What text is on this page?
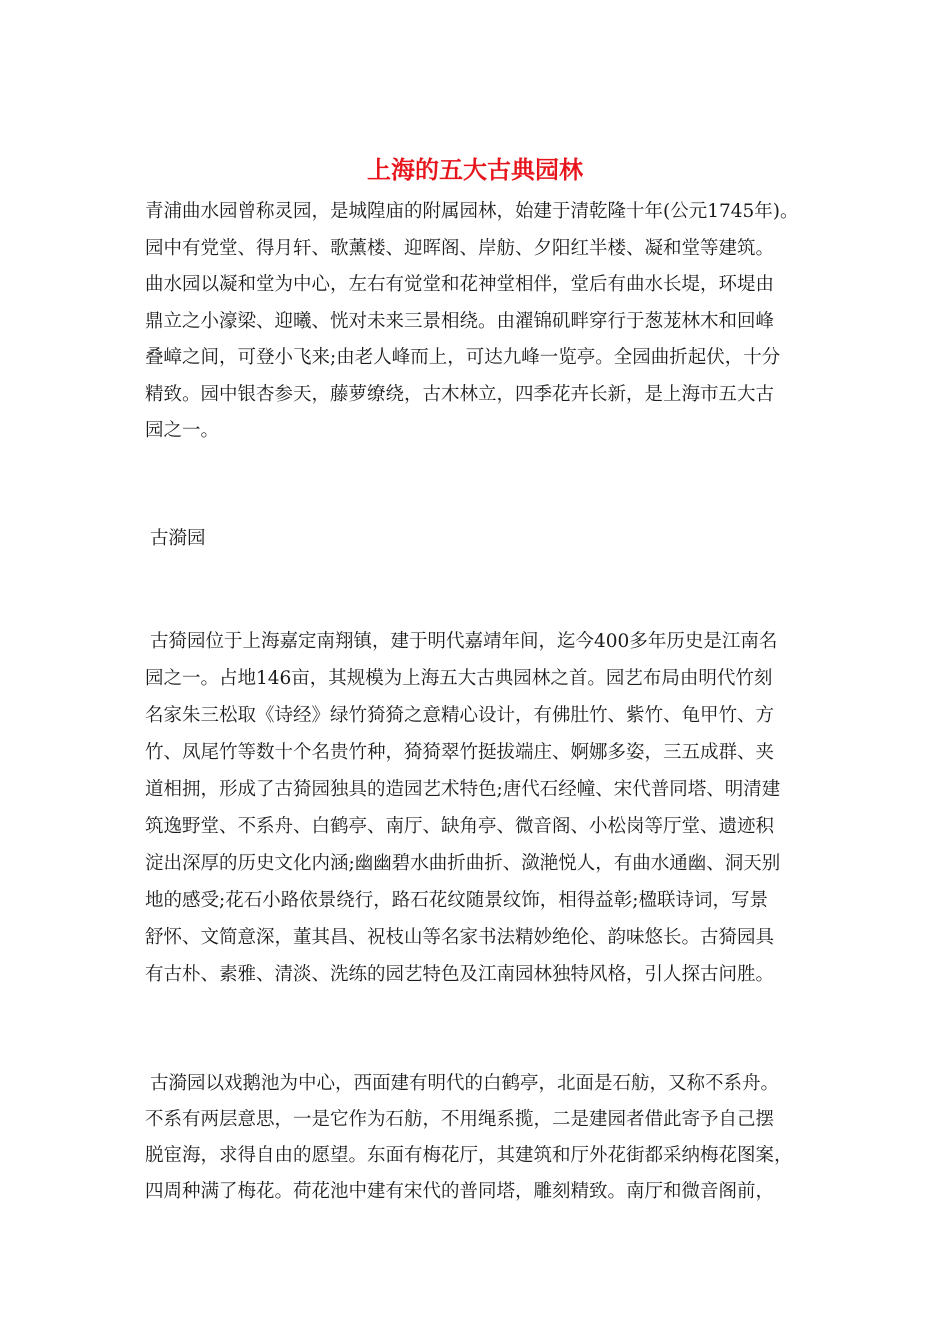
上海的五大古典园林

青浦曲水园曾称灵园，是城隍庙的附属园林，始建于清乾隆十年(公元1745年)。

园中有党堂、得月轩、歌薰楼、迎晖阁、岸舫、夕阳红半楼、凝和堂等建筑。

曲水园以凝和堂为中心，左右有觉堂和花神堂相伴，堂后有曲水长堤，环堤由

鼎立之小濠梁、迎曦、恍对未来三景相绕。由濯锦矶畔穿行于葱茏林木和回峰

叠嶂之间，可登小飞来;由老人峰而上，可达九峰一览亭。全园曲折起伏，十分

精致。园中银杏参天，藤萝缭绕，古木林立，四季花卉长新，是上海市五大古

园之一。

古漪园

古猗园位于上海嘉定南翔镇，建于明代嘉靖年间，迄今400多年历史是江南名

园之一。占地146亩，其规模为上海五大古典园林之首。园艺布局由明代竹刻

名家朱三松取《诗经》绿竹猗猗之意精心设计，有佛肚竹、紫竹、龟甲竹、方

竹、凤尾竹等数十个名贵竹种，猗猗翠竹挺拔端庄、婀娜多姿，三五成群、夹

道相拥，形成了古猗园独具的造园艺术特色;唐代石经幢、宋代普同塔、明清建

筑逸野堂、不系舟、白鹤亭、南厅、缺角亭、微音阁、小松岗等厅堂、遗迹积

淀出深厚的历史文化内涵;幽幽碧水曲折曲折、潋滟悦人，有曲水通幽、洞天别

地的感受;花石小路依景绕行，路石花纹随景纹饰，相得益彰;楹联诗词，写景

舒怀、文简意深，董其昌、祝枝山等名家书法精妙绝伦、韵味悠长。古猗园具

有古朴、素雅、清淡、洗练的园艺特色及江南园林独特风格，引人探古问胜。

古漪园以戏鹅池为中心，西面建有明代的白鹤亭，北面是石舫，又称不系舟。

不系有两层意思，一是它作为石舫，不用绳系揽，二是建园者借此寄予自己摆

脱宦海，求得自由的愿望。东面有梅花厅，其建筑和厅外花街都采纳梅花图案，

四周种满了梅花。荷花池中建有宋代的普同塔，雕刻精致。南厅和微音阁前，
